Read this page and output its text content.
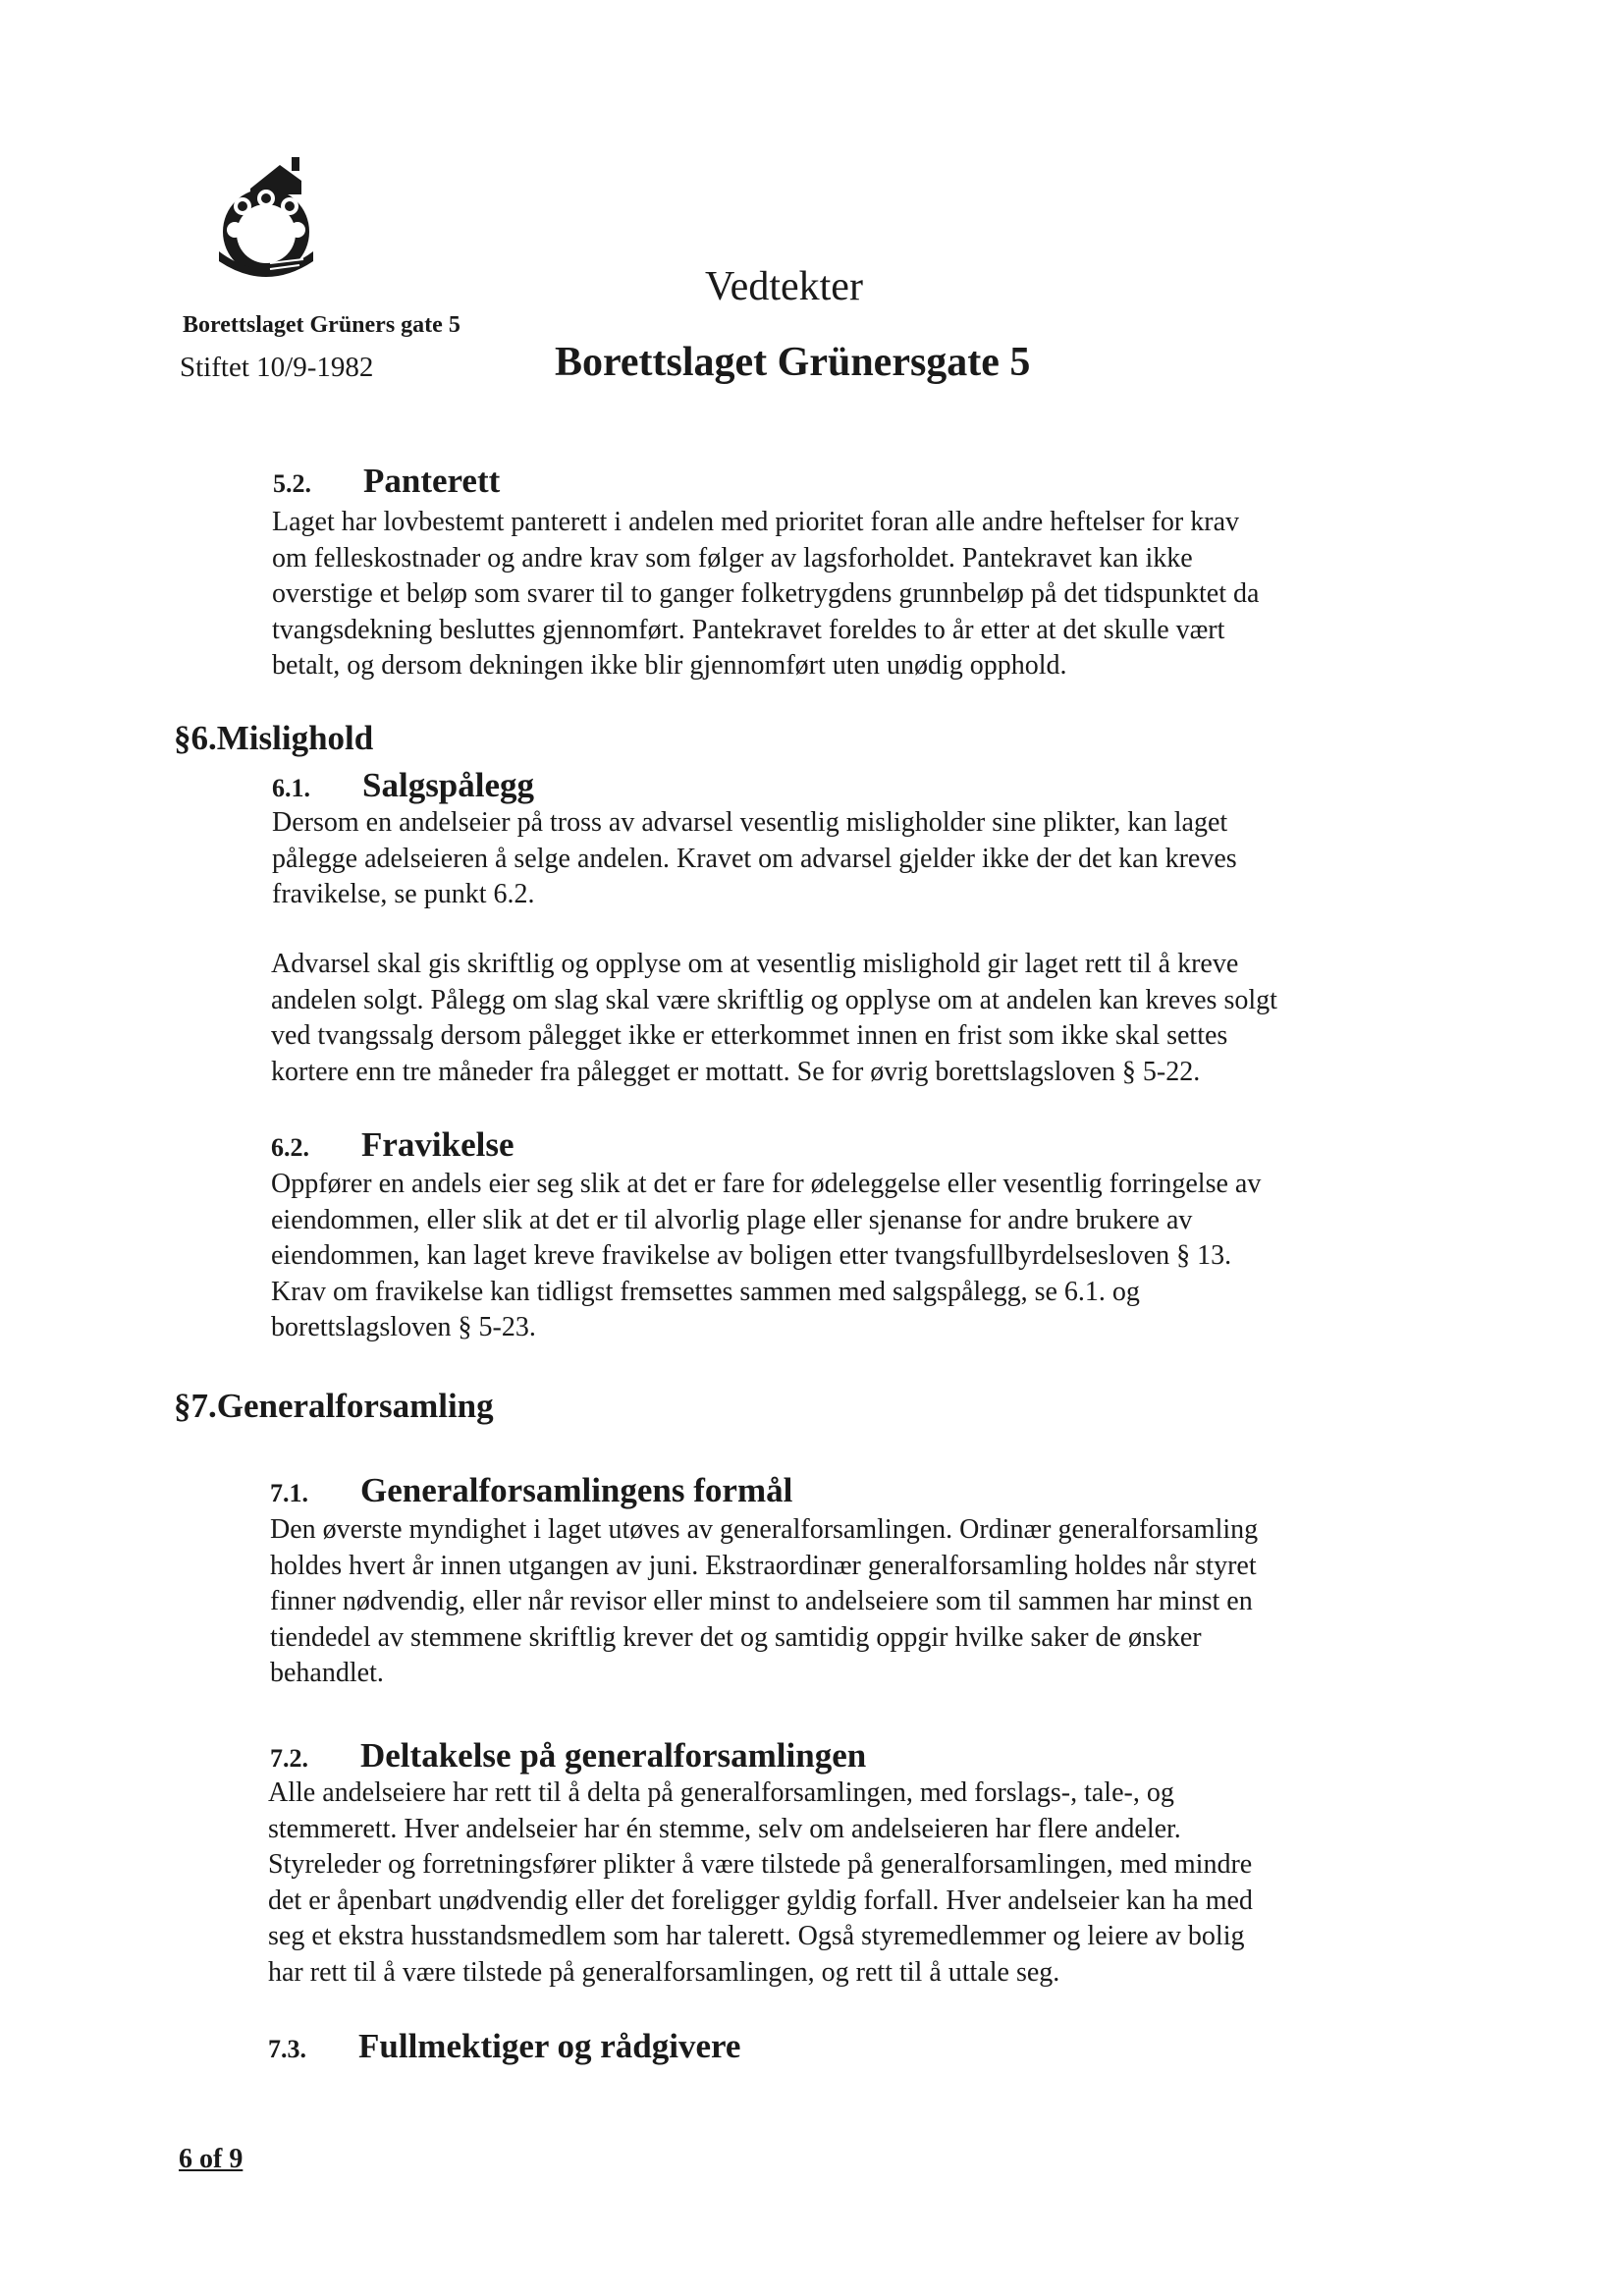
Borettslaget Grüners gate 5
Stiftet 10/9-1982
Vedtekter
Borettslaget Grünersgate 5
5.2. Panterett
Laget har lovbestemt panterett i andelen med prioritet foran alle andre heftelser for krav
om felleskostnader og andre krav som følger av lagsforholdet. Pantekravet kan ikke
overstige et beløp som svarer til to ganger folketrygdens grunnbeløp på det tidspunktet da
tvangsdekning besluttes gjennomført. Pantekravet foreldes to år etter at det skulle vært
betalt, og dersom dekningen ikke blir gjennomført uten unødig opphold.
§6.Mislighold
6.1. Salgspålegg
Dersom en andelseier på tross av advarsel vesentlig misligholder sine plikter, kan laget
pålegge adelseieren å selge andelen. Kravet om advarsel gjelder ikke der det kan kreves
fravikelse, se punkt 6.2.
Advarsel skal gis skriftlig og opplyse om at vesentlig mislighold gir laget rett til å kreve
andelen solgt. Pålegg om slag skal være skriftlig og opplyse om at andelen kan kreves solgt
ved tvangssalg dersom pålegget ikke er etterkommet innen en frist som ikke skal settes
kortere enn tre måneder fra pålegget er mottatt. Se for øvrig borettslagsloven § 5-22.
6.2. Fravikelse
Oppfører en andels eier seg slik at det er fare for ødeleggelse eller vesentlig forringelse av
eiendommen, eller slik at det er til alvorlig plage eller sjenanse for andre brukere av
eiendommen, kan laget kreve fravikelse av boligen etter tvangsfullbyrdelsesloven § 13.
Krav om fravikelse kan tidligst fremsettes sammen med salgspålegg, se 6.1. og
borettslagsloven § 5-23.
§7.Generalforsamling
7.1. Generalforsamlingens formål
Den øverste myndighet i laget utøves av generalforsamlingen. Ordinær generalforsamling
holdes hvert år innen utgangen av juni. Ekstraordinær generalforsamling holdes når styret
finner nødvendig, eller når revisor eller minst to andelseiere som til sammen har minst en
tiendedel av stemmene skriftlig krever det og samtidig oppgir hvilke saker de ønsker
behandlet.
7.2. Deltakelse på generalforsamlingen
Alle andelseiere har rett til å delta på generalforsamlingen, med forslags-, tale-, og
stemmerett. Hver andelseier har én stemme, selv om andelseieren har flere andeler.
Styreleder og forretningsfører plikter å være tilstede på generalforsamlingen, med mindre
det er åpenbart unødvendig eller det foreligger gyldig forfall. Hver andelseier kan ha med
seg et ekstra husstandsmedlem som har talerett. Også styremedlemmer og leiere av bolig
har rett til å være tilstede på generalforsamlingen, og rett til å uttale seg.
7.3. Fullmektiger og rådgivere
6 of 9
